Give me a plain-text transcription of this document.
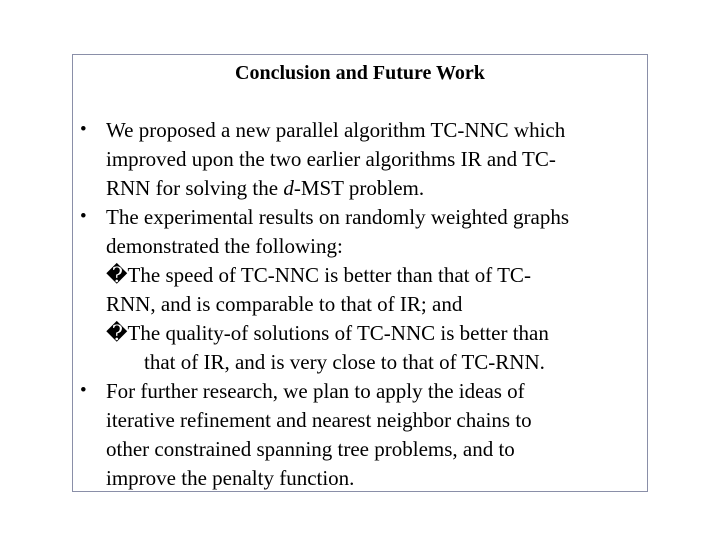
Conclusion and Future Work
• We proposed a new parallel algorithm TC-NNC which
improved upon the two earlier algorithms IR and TC-
RNN for solving the d-MST problem.
• The experimental results on randomly weighted graphs
demonstrated the following:
�The speed of TC-NNC is better than that of TC-
RNN, and is comparable to that of IR; and
�The quality-of solutions of TC-NNC is better than
that of IR, and is very close to that of TC-RNN.
• For further research, we plan to apply the ideas of
iterative refinement and nearest neighbor chains to
other constrained spanning tree problems, and to
improve the penalty function.
